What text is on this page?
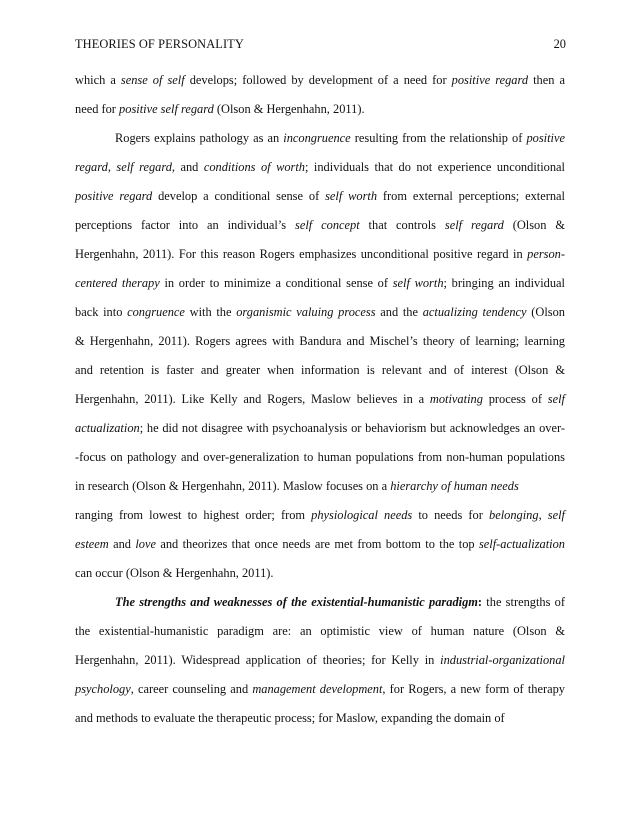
THEORIES OF PERSONALITY	20
which a sense of self develops; followed by development of a need for positive regard then a
need for positive self regard (Olson & Hergenhahn, 2011).
Rogers explains pathology as an incongruence resulting from the relationship of positive
regard, self regard, and conditions of worth; individuals that do not experience unconditional
positive regard develop a conditional sense of self worth from external perceptions; external
perceptions factor into an individual’s self concept that controls self regard (Olson &
Hergenhahn, 2011). For this reason Rogers emphasizes unconditional positive regard in person-
centered therapy in order to minimize a conditional sense of self worth; bringing an individual
back into congruence with the organismic valuing process and the actualizing tendency (Olson
& Hergenhahn, 2011). Rogers agrees with Bandura and Mischel’s theory of learning; learning
and retention is faster and greater when information is relevant and of interest (Olson &
Hergenhahn, 2011). Like Kelly and Rogers, Maslow believes in a motivating process of self
actualization; he did not disagree with psychoanalysis or behaviorism but acknowledges an over-
-focus on pathology and over-generalization to human populations from non-human populations
in research (Olson & Hergenhahn, 2011). Maslow focuses on a hierarchy of human needs
ranging from lowest to highest order; from physiological needs to needs for belonging, self
esteem and love and theorizes that once needs are met from bottom to the top self-actualization
can occur (Olson & Hergenhahn, 2011).
The strengths and weaknesses of the existential-humanistic paradigm: the strengths of
the existential-humanistic paradigm are: an optimistic view of human nature (Olson &
Hergenhahn, 2011). Widespread application of theories; for Kelly in industrial-organizational
psychology, career counseling and management development, for Rogers, a new form of therapy
and methods to evaluate the therapeutic process; for Maslow, expanding the domain of
